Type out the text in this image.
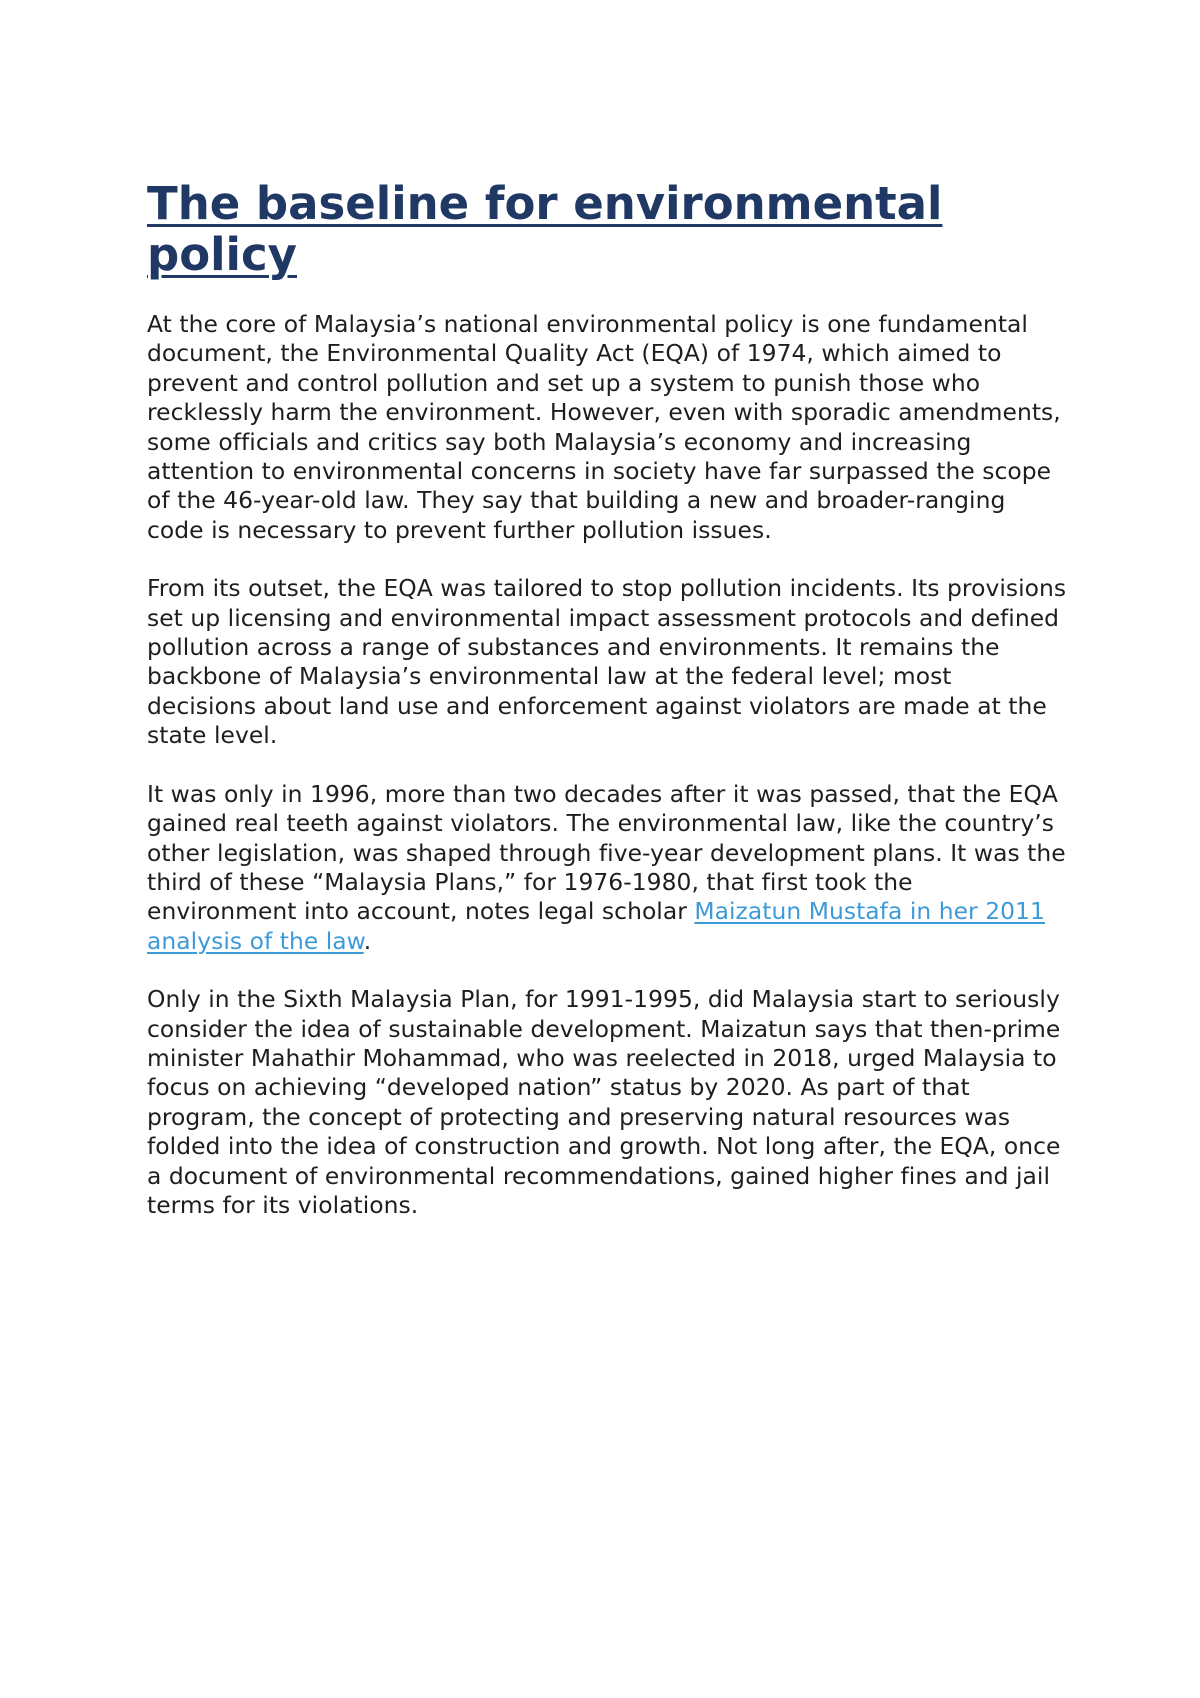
The baseline for environmental policy

At the core of Malaysia’s national environmental policy is one fundamental document, the Environmental Quality Act (EQA) of 1974, which aimed to prevent and control pollution and set up a system to punish those who recklessly harm the environment. However, even with sporadic amendments, some officials and critics say both Malaysia’s economy and increasing attention to environmental concerns in society have far surpassed the scope of the 46-year-old law. They say that building a new and broader-ranging code is necessary to prevent further pollution issues.

From its outset, the EQA was tailored to stop pollution incidents. Its provisions set up licensing and environmental impact assessment protocols and defined pollution across a range of substances and environments. It remains the backbone of Malaysia’s environmental law at the federal level; most decisions about land use and enforcement against violators are made at the state level.

It was only in 1996, more than two decades after it was passed, that the EQA gained real teeth against violators. The environmental law, like the country’s other legislation, was shaped through five-year development plans. It was the third of these “Malaysia Plans,” for 1976-1980, that first took the environment into account, notes legal scholar Maizatun Mustafa in her 2011 analysis of the law.

Only in the Sixth Malaysia Plan, for 1991-1995, did Malaysia start to seriously consider the idea of sustainable development. Maizatun says that then-prime minister Mahathir Mohammad, who was reelected in 2018, urged Malaysia to focus on achieving “developed nation” status by 2020. As part of that program, the concept of protecting and preserving natural resources was folded into the idea of construction and growth. Not long after, the EQA, once a document of environmental recommendations, gained higher fines and jail terms for its violations.
